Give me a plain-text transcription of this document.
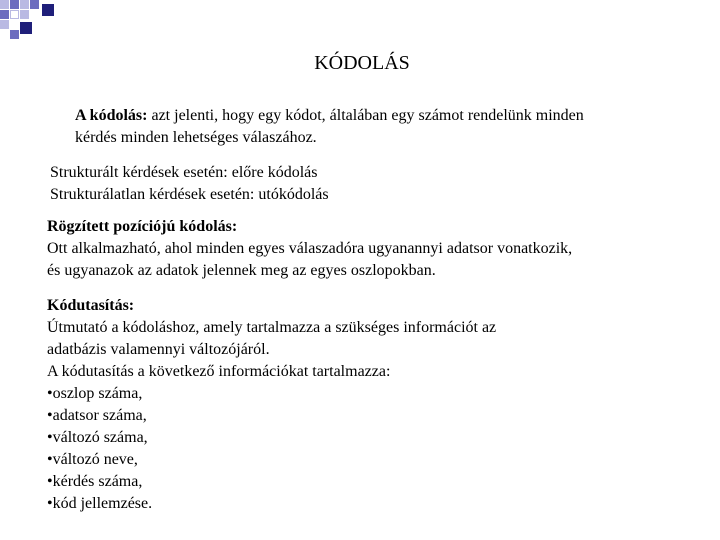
KÓDOLÁS
A kódolás: azt jelenti, hogy egy kódot, általában egy számot rendelünk minden
kérdés minden lehetséges válaszához.
Strukturált kérdések esetén: előre kódolás
Strukturálatlan kérdések esetén: utókódolás
Rögzített pozíciójú kódolás:
Ott alkalmazható, ahol minden egyes válaszadóra ugyanannyi adatsor vonatkozik,
és ugyanazok az adatok jelennek meg az egyes oszlopokban.
Kódutasítás:
Útmutató a kódoláshoz, amely tartalmazza a szükséges információt az
adatbázis valamennyi változójáról.
A kódutasítás a következő információkat tartalmazza:
•oszlop száma,
•adatsor száma,
•változó száma,
•változó neve,
•kérdés száma,
•kód jellemzése.
